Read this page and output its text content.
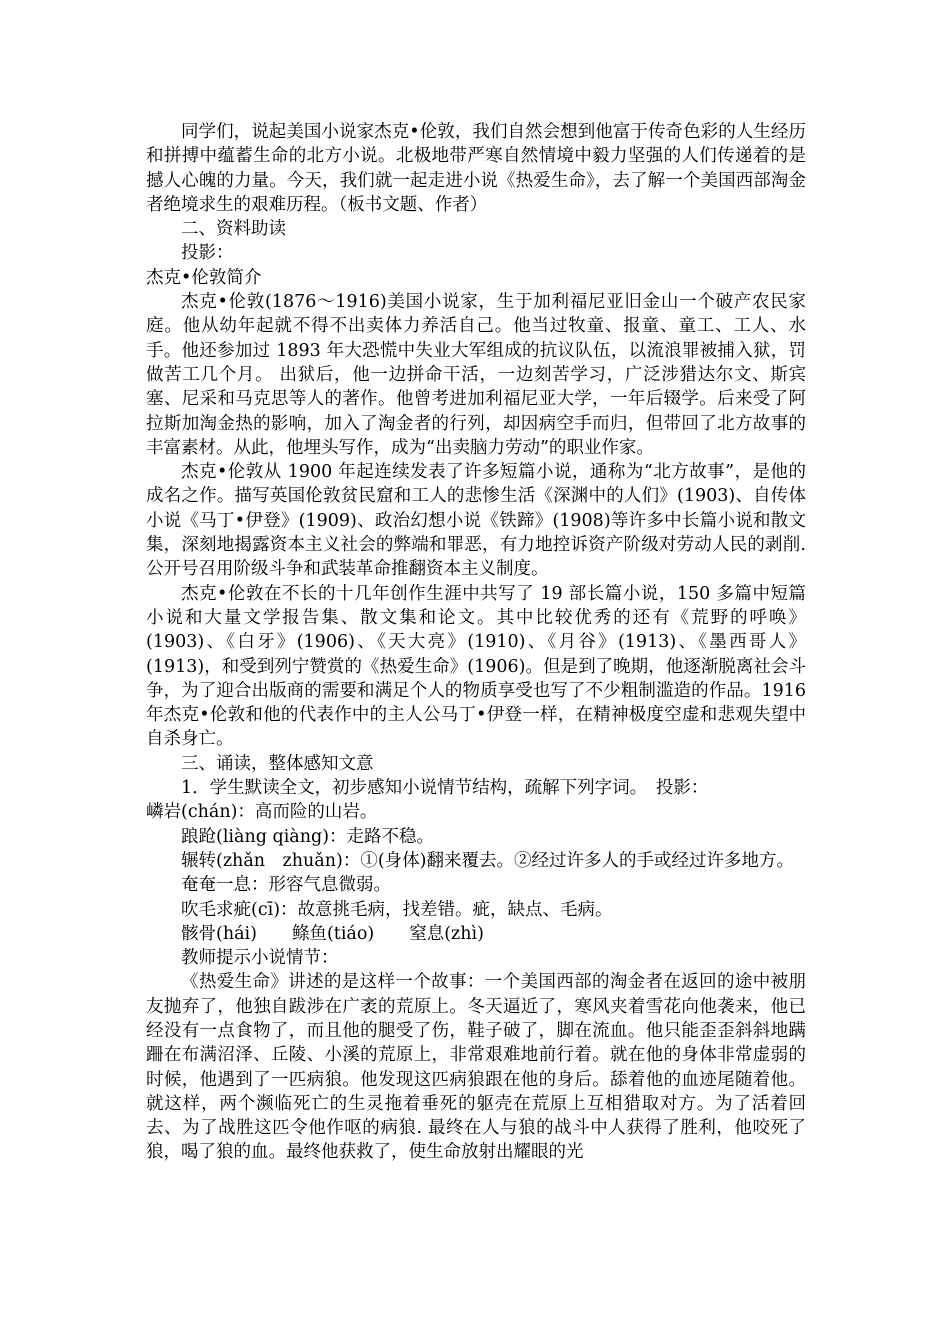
同学们，说起美国小说家杰克•伦敦，我们自然会想到他富于传奇色彩的人生经历和拼搏中蕴蓄生命的北方小说。北极地带严寒自然情境中毅力坚强的人们传递着的是撼人心魄的力量。今天，我们就一起走进小说《热爱生命》，去了解一个美国西部淘金者绝境求生的艰难历程。（板书文题、作者）

二、资料助读

投影：

杰克•伦敦简介

杰克•伦敦(1876～1916)美国小说家，生于加利福尼亚旧金山一个破产农民家庭。他从幼年起就不得不出卖体力养活自己。他当过牧童、报童、童工、工人、水手。他还参加过 1893 年大恐慌中失业大军组成的抗议队伍，以流浪罪被捕入狱，罚做苦工几个月。 出狱后，他一边拼命干活，一边刻苦学习，广泛涉猎达尔文、斯宾塞、尼采和马克思等人的著作。他曾考进加利福尼亚大学，一年后辍学。后来受了阿拉斯加淘金热的影响，加入了淘金者的行列，却因病空手而归，但带回了北方故事的丰富素材。从此，他埋头写作，成为“出卖脑力劳动”的职业作家。

杰克•伦敦从 1900 年起连续发表了许多短篇小说，通称为“北方故事”，是他的成名之作。描写英国伦敦贫民窟和工人的悲惨生活《深渊中的人们》(1903)、自传体小说《马丁•伊登》(1909)、政治幻想小说《铁蹄》(1908)等许多中长篇小说和散文集，深刻地揭露资本主义社会的弊端和罪恶，有力地控诉资产阶级对劳动人民的剥削. 公开号召用阶级斗争和武装革命推翻资本主义制度。

杰克•伦敦在不长的十几年创作生涯中共写了 19 部长篇小说，150 多篇中短篇小说和大量文学报告集、散文集和论文。其中比较优秀的还有《荒野的呼唤》(1903)、《白牙》(1906)、《天大亮》(1910)、《月谷》(1913)、《墨西哥人》(1913)，和受到列宁赞赏的《热爱生命》(1906)。但是到了晚期，他逐渐脱离社会斗争，为了迎合出版商的需要和满足个人的物质享受也写了不少粗制滥造的作品。1916 年杰克•伦敦和他的代表作中的主人公马丁•伊登一样，在精神极度空虚和悲观失望中自杀身亡。

三、诵读，整体感知文意

1．学生默读全文，初步感知小说情节结构，疏解下列字词。　投影：

嶙岩(chán)：高而险的山岩。

踉跄(liàng qiàng)：走路不稳。

辗转(zhǎn　zhuǎn)：①(身体)翻来覆去。②经过许多人的手或经过许多地方。

奄奄一息：形容气息微弱。

吹毛求疵(cī)：故意挑毛病，找差错。疵，缺点、毛病。

骸骨(hái)　　鲦鱼(tiáo)　　窒息(zhì)

教师提示小说情节：

《热爱生命》讲述的是这样一个故事：一个美国西部的淘金者在返回的途中被朋友抛弃了，他独自跋涉在广袤的荒原上。冬天逼近了，寒风夹着雪花向他袭来，他已经没有一点食物了，而且他的腿受了伤，鞋子破了，脚在流血。他只能歪歪斜斜地蹒跚在布满沼泽、丘陵、小溪的荒原上，非常艰难地前行着。就在他的身体非常虚弱的时候，他遇到了一匹病狼。他发现这匹病狼跟在他的身后。舔着他的血迹尾随着他。就这样，两个濒临死亡的生灵拖着垂死的躯壳在荒原上互相猎取对方。为了活着回去、为了战胜这匹令他作呕的病狼. 最终在人与狼的战斗中人获得了胜利，他咬死了狼，喝了狼的血。最终他获救了，使生命放射出耀眼的光
